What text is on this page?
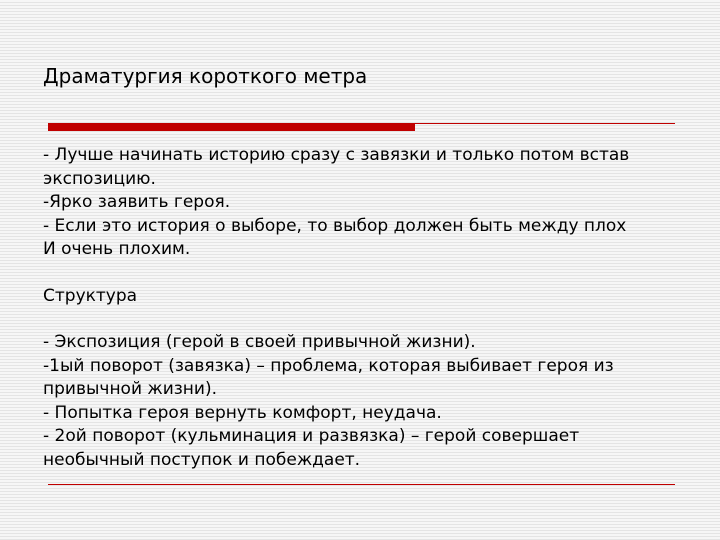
Драматургия короткого метра
- Лучше начинать историю сразу с завязки и только потом встав
экспозицию.
-Ярко заявить героя.
- Если это история о выборе, то выбор должен быть между плох
И очень плохим.
Структура
- Экспозиция (герой в своей привычной жизни).
-1ый поворот (завязка) – проблема, которая выбивает героя из
привычной жизни).
- Попытка героя вернуть комфорт, неудача.
- 2ой поворот (кульминация и развязка) – герой совершает
необычный поступок и побеждает.
